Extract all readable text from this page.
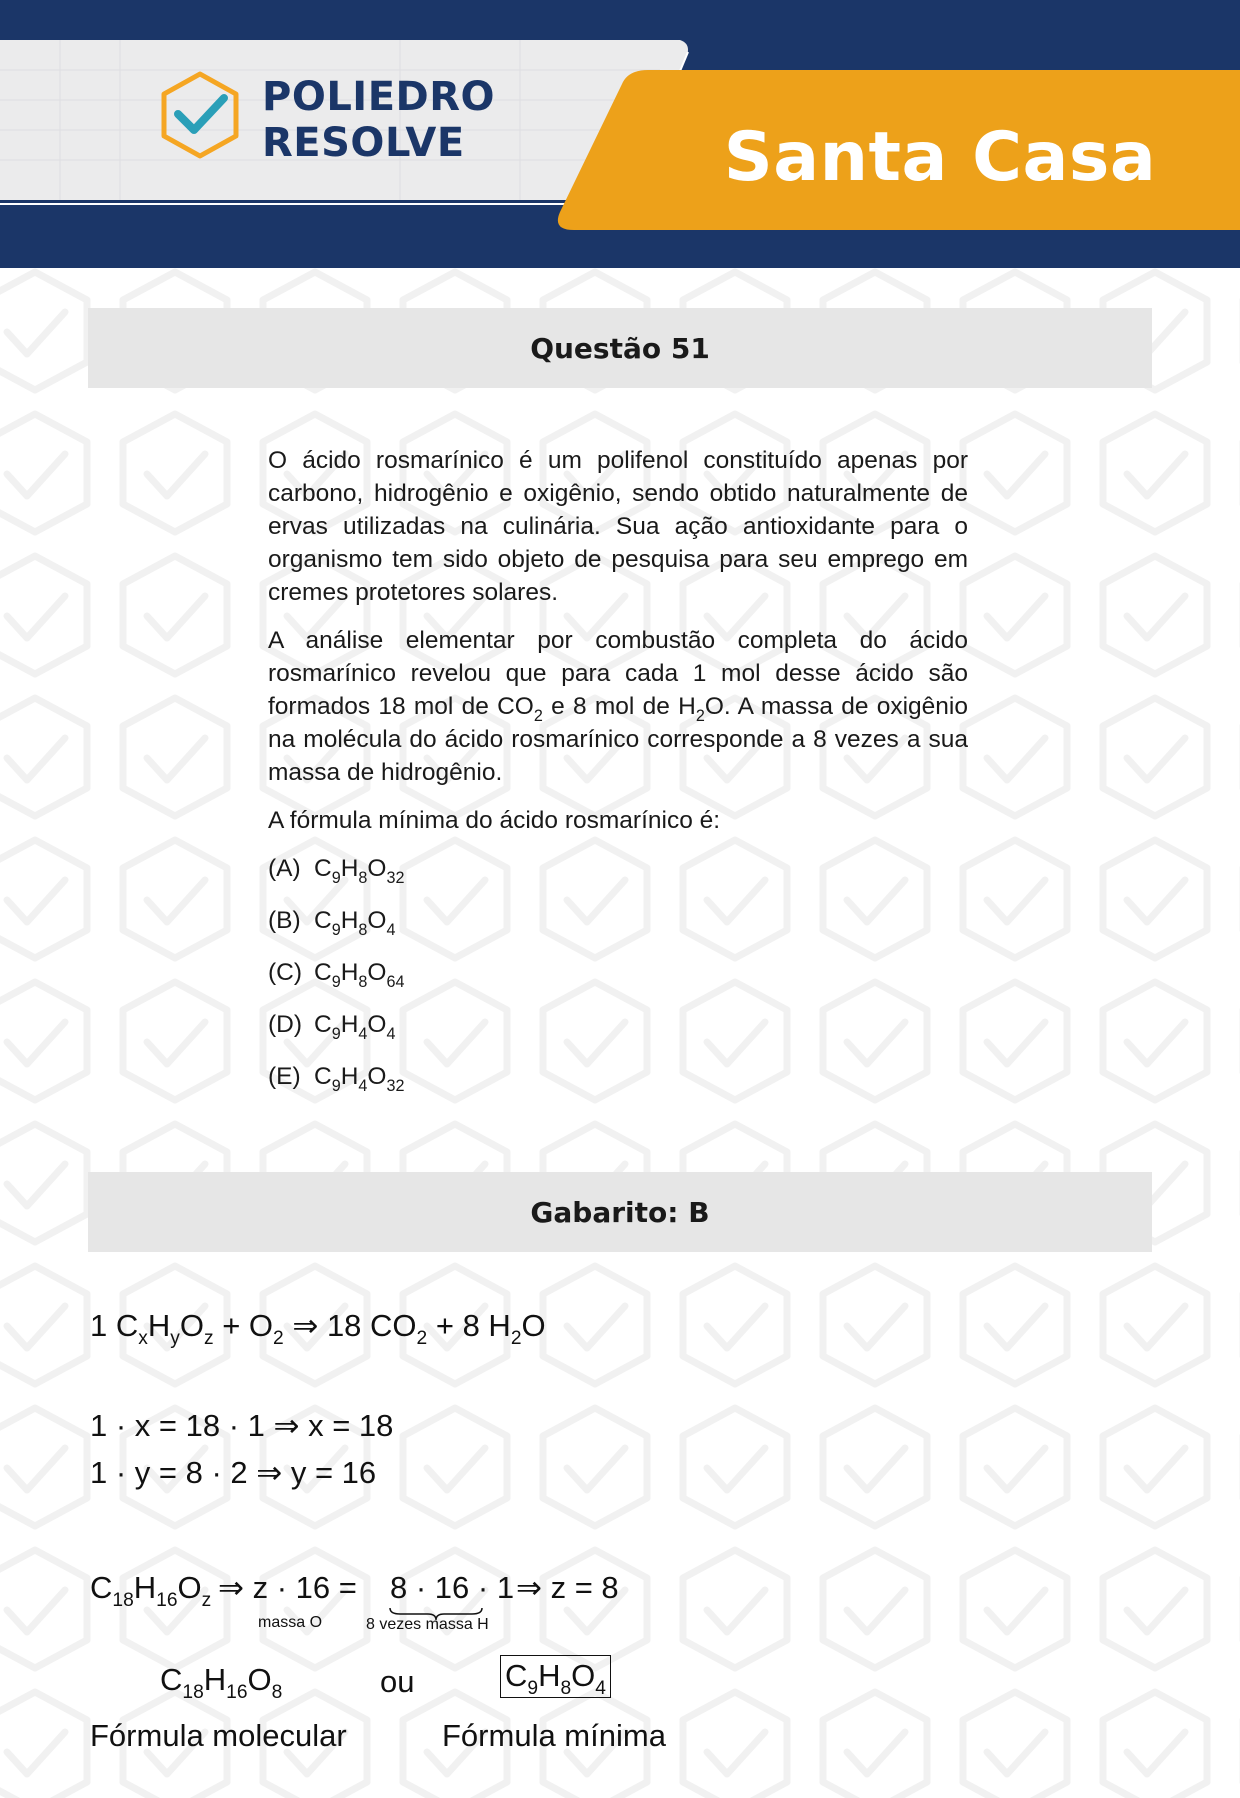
POLIEDRO
RESOLVE	Santa Casa
Questão 51

O ácido rosmarínico é um polifenol constituído apenas por carbono, hidrogênio e oxigênio, sendo obtido naturalmente de ervas utilizadas na culinária. Sua ação antioxidante para o organismo tem sido objeto de pesquisa para seu emprego em cremes protetores solares.

A análise elementar por combustão completa do ácido rosmarínico revelou que para cada 1 mol desse ácido são formados 18 mol de $CO_2$ e 8 mol de $H_2O$. A massa de oxigênio na molécula do ácido rosmarínico corresponde a 8 vezes a sua massa de hidrogênio.

A fórmula mínima do ácido rosmarínico é:

(A) $C_9H_8O_{32}$
(B) $C_9H_8O_4$
(C) $C_9H_8O_{64}$
(D) $C_9H_4O_4$
(E) $C_9H_4O_{32}$
Gabarito: B
1 $C_xH_yO_z + O_2$ ⇒ 18 $CO_2 + 8$ $H_2O$
1 · x = 18 · 1 ⇒ x = 18
1 · y = 8 · 2 ⇒ y = 16
$C_{18}H_{16}O_z$ ⇒ z · 16 = 8 · 16 · 1 ⇒ z = 8
massa O	8 vezes massa H
$C_{18}H_{16}O_8$	ou	$C_9H_8O_4$
Fórmula molecular	Fórmula mínima
